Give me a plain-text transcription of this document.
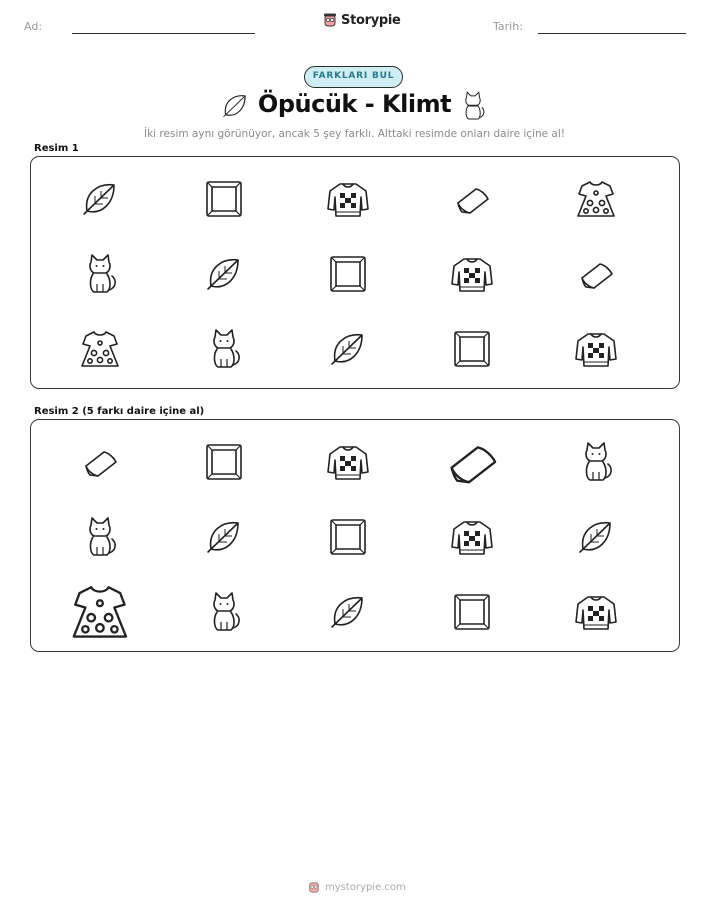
Ad:	Storypie	Tarih:
FARKLARI BUL
Öpücük - Klimt
İki resim aynı görünüyor, ancak 5 şey farklı. Alttaki resimde onları daire içine al!
Resim 1
Resim 2 (5 farkı daire içine al)
mystorypie.com
